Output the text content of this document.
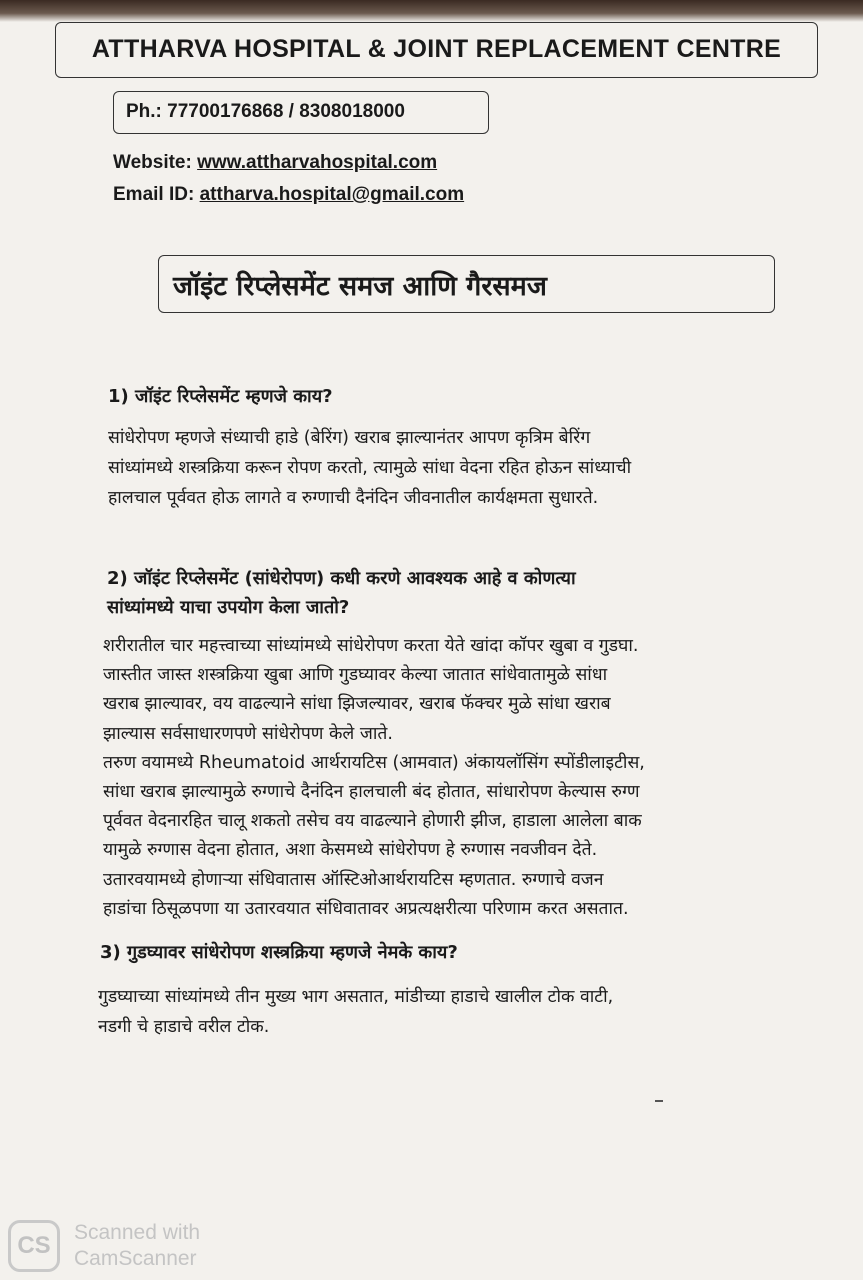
ATTHARVA HOSPITAL & JOINT REPLACEMENT CENTRE
Ph.: 77700176868 / 8308018000
Website: www.attharvahospital.com
Email ID: attharva.hospital@gmail.com
जॉइंट रिप्लेसमेंट समज आणि गैरसमज
1) जॉइंट रिप्लेसमेंट म्हणजे काय?
सांधेरोपण म्हणजे संध्याची हाडे (बेरिंग) खराब झाल्यानंतर आपण कृत्रिम बेरिंग
सांध्यांमध्ये शस्त्रक्रिया करून रोपण करतो, त्यामुळे सांधा वेदना रहित होऊन सांध्याची
हालचाल पूर्ववत होऊ लागते व रुग्णाची दैनंदिन जीवनातील कार्यक्षमता सुधारते.
2) जॉइंट रिप्लेसमेंट (सांधेरोपण) कधी करणे आवश्यक आहे व कोणत्या
सांध्यांमध्ये याचा उपयोग केला जातो?
शरीरातील चार महत्त्वाच्या सांध्यांमध्ये सांधेरोपण करता येते खांदा कॉपर खुबा व गुडघा.
जास्तीत जास्त शस्त्रक्रिया खुबा आणि गुडघ्यावर केल्या जातात सांधेवातामुळे सांधा
खराब झाल्यावर, वय वाढल्याने सांधा झिजल्यावर, खराब फॅक्चर मुळे सांधा खराब
झाल्यास सर्वसाधारणपणे सांधेरोपण केले जाते.
तरुण वयामध्ये Rheumatoid आर्थरायटिस (आमवात) अंकायलॉसिंग स्पोंडीलाइटीस,
सांधा खराब झाल्यामुळे रुग्णाचे दैनंदिन हालचाली बंद होतात, सांधारोपण केल्यास रुग्ण
पूर्ववत वेदनारहित चालू शकतो तसेच वय वाढल्याने होणारी झीज, हाडाला आलेला बाक
यामुळे रुग्णास वेदना होतात, अशा केसमध्ये सांधेरोपण हे रुग्णास नवजीवन देते.
उतारवयामध्ये होणाऱ्या संधिवातास ऑस्टिओआर्थरायटिस म्हणतात. रुग्णाचे वजन
हाडांचा ठिसूळपणा या उतारवयात संधिवातावर अप्रत्यक्षरीत्या परिणाम करत असतात.
3) गुडघ्यावर सांधेरोपण शस्त्रक्रिया म्हणजे नेमके काय?
गुडघ्याच्या सांध्यांमध्ये तीन मुख्य भाग असतात, मांडीच्या हाडाचे खालील टोक वाटी,
नडगी चे हाडाचे वरील टोक.
CS	Scanned with
CamScanner
